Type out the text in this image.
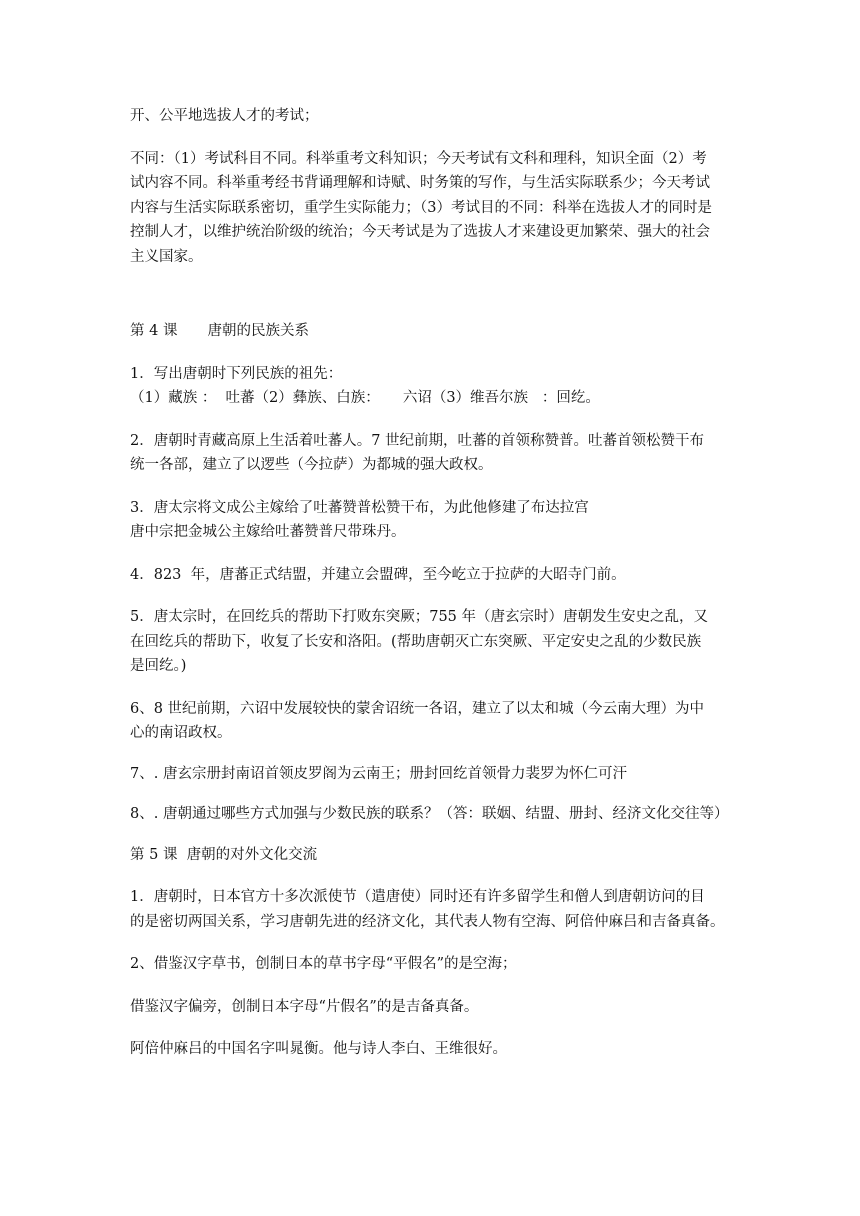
开、公平地选拔人才的考试；

不同：（1）考试科目不同。科举重考文科知识；今天考试有文科和理科，知识全面（2）考
试内容不同。科举重考经书背诵理解和诗赋、时务策的写作，与生活实际联系少；今天考试
内容与生活实际联系密切，重学生实际能力；（3）考试目的不同：科举在选拔人才的同时是
控制人才，以维护统治阶级的统治；今天考试是为了选拔人才来建设更加繁荣、强大的社会
主义国家。

第 4 课 唐朝的民族关系

1．写出唐朝时下列民族的祖先：
（1）藏族 ：  吐蕃（2）彝族、白族：     六诏（3）维吾尔族   ：回纥。

2．唐朝时青藏高原上生活着吐蕃人。7 世纪前期，吐蕃的首领称赞普。吐蕃首领松赞干布
统一各部，建立了以逻些（今拉萨）为都城的强大政权。

3．唐太宗将文成公主嫁给了吐蕃赞普松赞干布，为此他修建了布达拉宫
唐中宗把金城公主嫁给吐蕃赞普尺带珠丹。

4．823  年，唐蕃正式结盟，并建立会盟碑，至今屹立于拉萨的大昭寺门前。

5．唐太宗时，在回纥兵的帮助下打败东突厥；755 年（唐玄宗时）唐朝发生安史之乱，又
在回纥兵的帮助下，收复了长安和洛阳。(帮助唐朝灭亡东突厥、平定安史之乱的少数民族
是回纥。)

6、8 世纪前期，六诏中发展较快的蒙舍诏统一各诏，建立了以太和城（今云南大理）为中
心的南诏政权。

7、. 唐玄宗册封南诏首领皮罗阁为云南王；册封回纥首领骨力裴罗为怀仁可汗

8、. 唐朝通过哪些方式加强与少数民族的联系？（答：联姻、结盟、册封、经济文化交往等）

第 5 课  唐朝的对外文化交流

1．唐朝时，日本官方十多次派使节（遣唐使）同时还有许多留学生和僧人到唐朝访问的目
的是密切两国关系，学习唐朝先进的经济文化，其代表人物有空海、阿倍仲麻吕和吉备真备。

2、借鉴汉字草书，创制日本的草书字母“平假名”的是空海；

借鉴汉字偏旁，创制日本字母“片假名”的是吉备真备。

阿倍仲麻吕的中国名字叫晁衡。他与诗人李白、王维很好。
